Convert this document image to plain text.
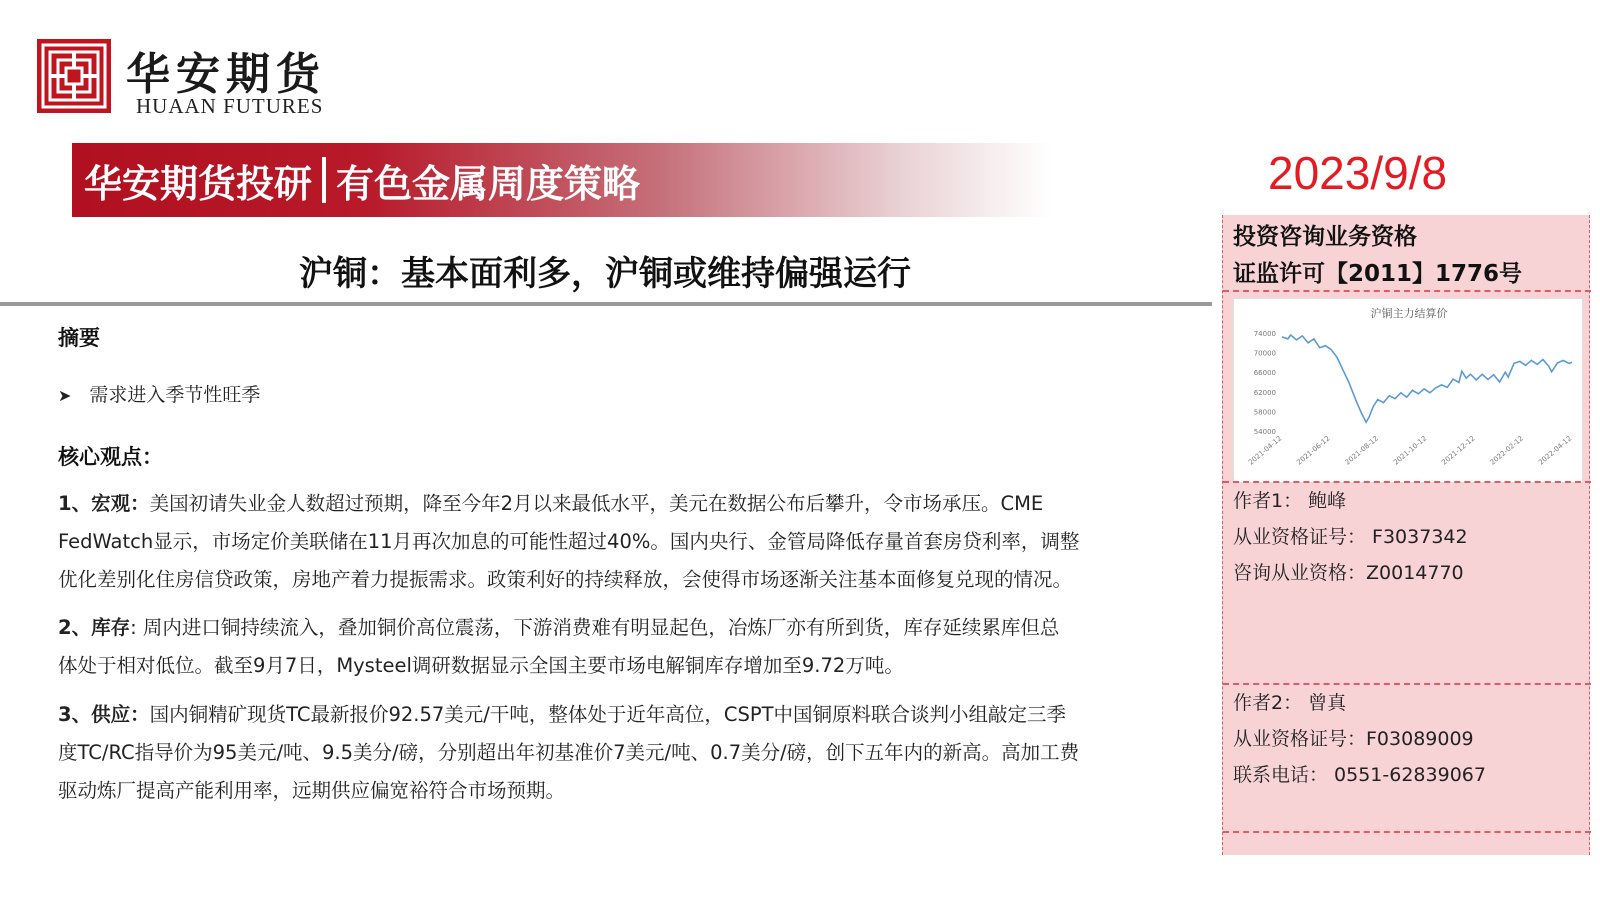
华安期货
HUAAN FUTURES
华安期货投研 有色金属周度策略	2023/9/8
沪铜：基本面利多，沪铜或维持偏强运行
摘要
➤ 需求进入季节性旺季
核心观点：
1、宏观：美国初请失业金人数超过预期，降至今年2月以来最低水平，美元在数据公布后攀升，令市场承压。CME
FedWatch显示，市场定价美联储在11月再次加息的可能性超过40%。国内央行、金管局降低存量首套房贷利率，调整
优化差别化住房信贷政策，房地产着力提振需求。政策利好的持续释放，会使得市场逐渐关注基本面修复兑现的情况。
2、库存: 周内进口铜持续流入，叠加铜价高位震荡，下游消费难有明显起色，冶炼厂亦有所到货，库存延续累库但总
体处于相对低位。截至9月7日，Mysteel调研数据显示全国主要市场电解铜库存增加至9.72万吨。
3、供应：国内铜精矿现货TC最新报价92.57美元/干吨，整体处于近年高位，CSPT中国铜原料联合谈判小组敲定三季
度TC/RC指导价为95美元/吨、9.5美分/磅，分别超出年初基准价7美元/吨、0.7美分/磅，创下五年内的新高。高加工费
驱动炼厂提高产能利用率，远期供应偏宽裕符合市场预期。
投资咨询业务资格
证监许可【2011】1776号
沪铜主力结算价
74000
70000
66000
62000
58000
54000
2021-04-12 2021-06-12 2021-08-12 2021-10-12 2021-12-12 2022-02-12 2022-04-12
作者1： 鲍峰
从业资格证号： F3037342
咨询从业资格：Z0014770
作者2： 曾真
从业资格证号：F03089009
联系电话： 0551-62839067
